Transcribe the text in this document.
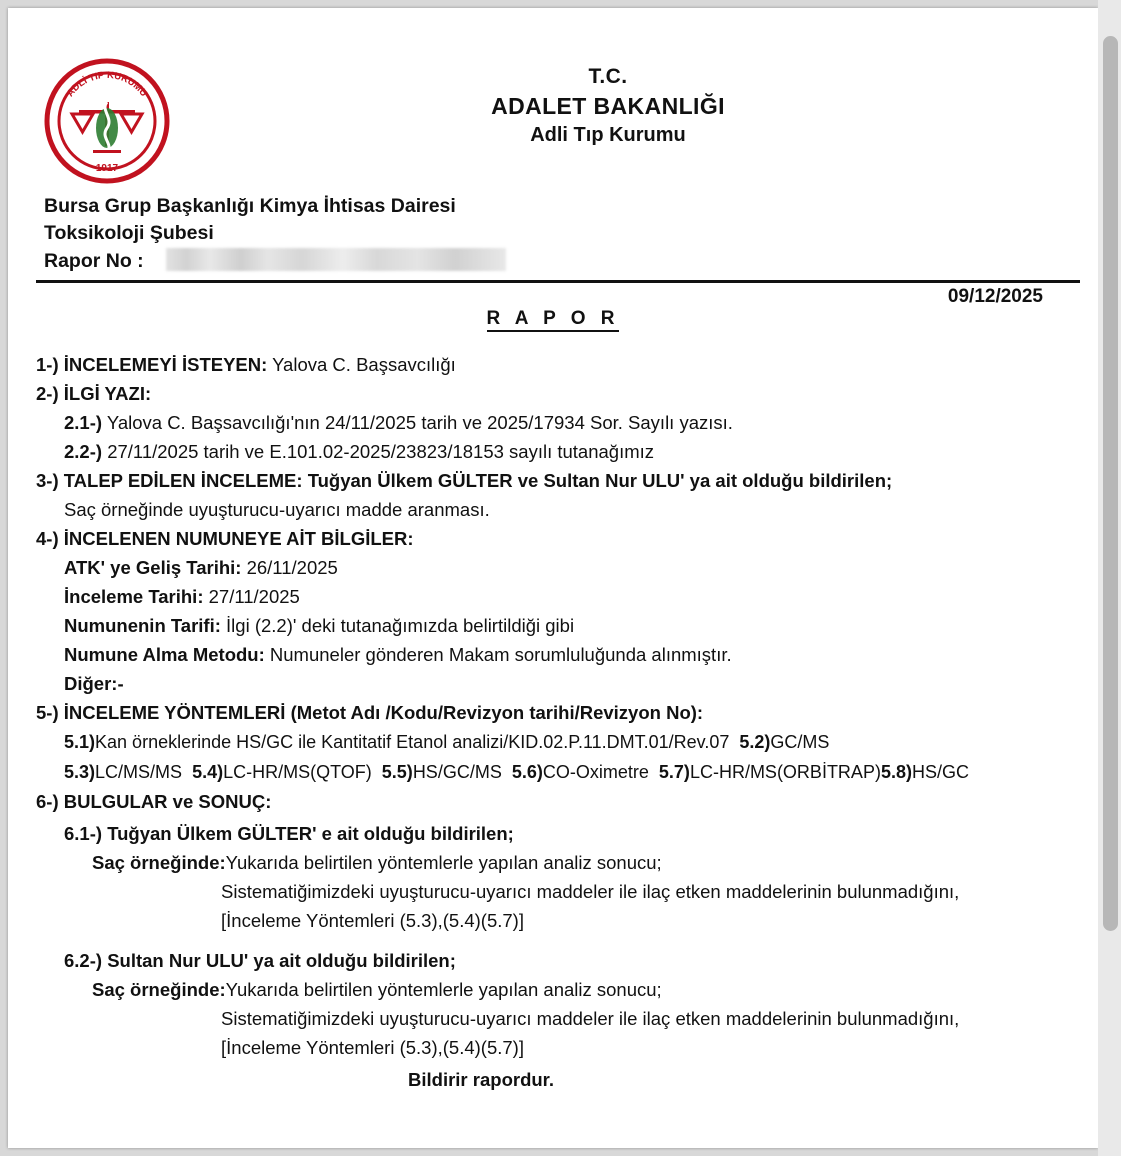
ADLİ TIP KURUMU
1917
T.C.
ADALET BAKANLIĞI
Adli Tıp Kurumu
Bursa Grup Başkanlığı Kimya İhtisas Dairesi
Toksikoloji Şubesi
Rapor No :
09/12/2025
R A P O R
1-) İNCELEMEYİ İSTEYEN: Yalova C. Başsavcılığı
2-) İLGİ YAZI:
2.1-) Yalova C. Başsavcılığı'nın 24/11/2025 tarih ve 2025/17934 Sor. Sayılı yazısı.
2.2-) 27/11/2025 tarih ve E.101.02-2025/23823/18153 sayılı tutanağımız
3-) TALEP EDİLEN İNCELEME: Tuğyan Ülkem GÜLTER ve Sultan Nur ULU' ya ait olduğu bildirilen;
Saç örneğinde uyuşturucu-uyarıcı madde aranması.
4-) İNCELENEN NUMUNEYE AİT BİLGİLER:
ATK' ye Geliş Tarihi: 26/11/2025
İnceleme Tarihi: 27/11/2025
Numunenin Tarifi: İlgi (2.2)' deki tutanağımızda belirtildiği gibi
Numune Alma Metodu: Numuneler gönderen Makam sorumluluğunda alınmıştır.
Diğer:-
5-) İNCELEME YÖNTEMLERİ (Metot Adı /Kodu/Revizyon tarihi/Revizyon No):
5.1)Kan örneklerinde HS/GC ile Kantitatif Etanol analizi/KID.02.P.11.DMT.01/Rev.07 5.2)GC/MS
5.3)LC/MS/MS 5.4)LC-HR/MS(QTOF) 5.5)HS/GC/MS 5.6)CO-Oximetre 5.7)LC-HR/MS(ORBİTRAP)5.8)HS/GC
6-) BULGULAR ve SONUÇ:
6.1-) Tuğyan Ülkem GÜLTER' e ait olduğu bildirilen;
Saç örneğinde:Yukarıda belirtilen yöntemlerle yapılan analiz sonucu;
Sistematiğimizdeki uyuşturucu-uyarıcı maddeler ile ilaç etken maddelerinin bulunmadığını,
[İnceleme Yöntemleri (5.3),(5.4)(5.7)]
6.2-) Sultan Nur ULU' ya ait olduğu bildirilen;
Saç örneğinde:Yukarıda belirtilen yöntemlerle yapılan analiz sonucu;
Sistematiğimizdeki uyuşturucu-uyarıcı maddeler ile ilaç etken maddelerinin bulunmadığını,
[İnceleme Yöntemleri (5.3),(5.4)(5.7)]
Bildirir rapordur.
